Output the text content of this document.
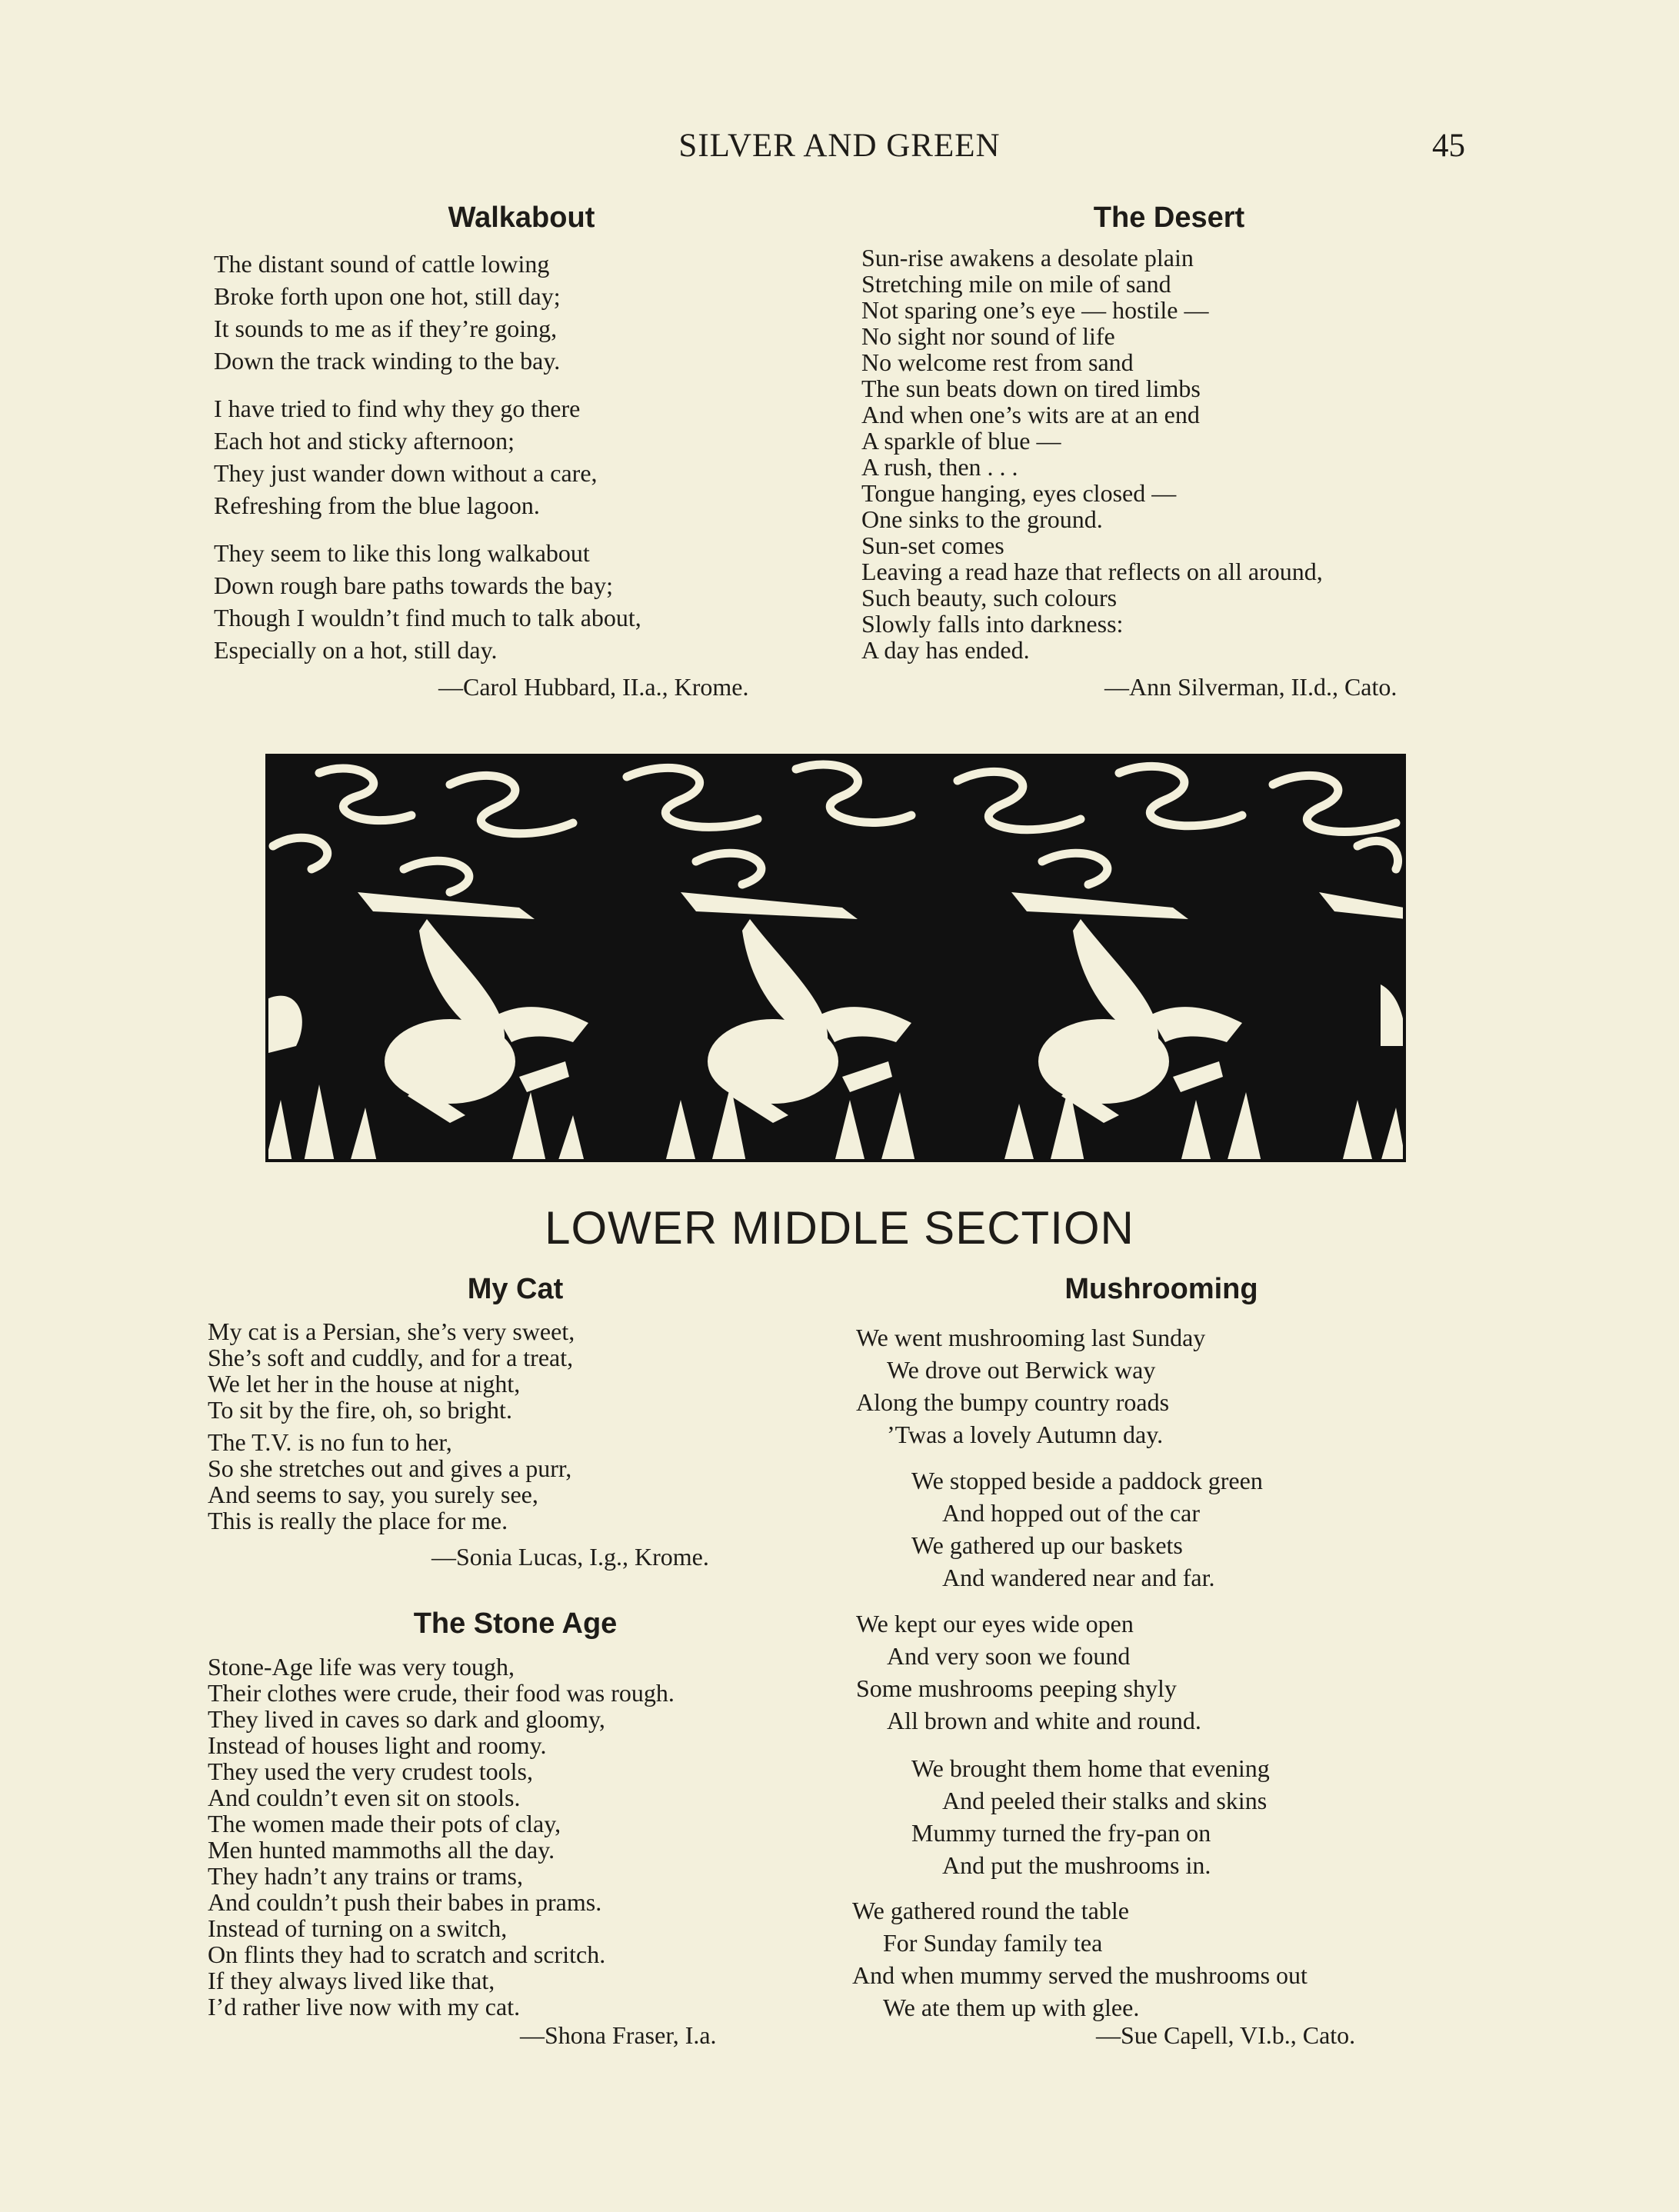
SILVER AND GREEN	45
Walkabout
The distant sound of cattle lowing
Broke forth upon one hot, still day;
It sounds to me as if they’re going,
Down the track winding to the bay.
I have tried to find why they go there
Each hot and sticky afternoon;
They just wander down without a care,
Refreshing from the blue lagoon.
They seem to like this long walkabout
Down rough bare paths towards the bay;
Though I wouldn’t find much to talk about,
Especially on a hot, still day.
—Carol Hubbard, II.a., Krome.
The Desert
Sun-rise awakens a desolate plain
Stretching mile on mile of sand
Not sparing one’s eye — hostile —
No sight nor sound of life
No welcome rest from sand
The sun beats down on tired limbs
And when one’s wits are at an end
A sparkle of blue —
A rush, then . . .
Tongue hanging, eyes closed —
One sinks to the ground.
Sun-set comes
Leaving a read haze that reflects on all around,
Such beauty, such colours
Slowly falls into darkness:
A day has ended.
—Ann Silverman, II.d., Cato.
LOWER MIDDLE SECTION
My Cat
My cat is a Persian, she’s very sweet,
She’s soft and cuddly, and for a treat,
We let her in the house at night,
To sit by the fire, oh, so bright.
The T.V. is no fun to her,
So she stretches out and gives a purr,
And seems to say, you surely see,
This is really the place for me.
—Sonia Lucas, I.g., Krome.
The Stone Age
Stone-Age life was very tough,
Their clothes were crude, their food was rough.
They lived in caves so dark and gloomy,
Instead of houses light and roomy.
They used the very crudest tools,
And couldn’t even sit on stools.
The women made their pots of clay,
Men hunted mammoths all the day.
They hadn’t any trains or trams,
And couldn’t push their babes in prams.
Instead of turning on a switch,
On flints they had to scratch and scritch.
If they always lived like that,
I’d rather live now with my cat.
—Shona Fraser, I.a.
Mushrooming
We went mushrooming last Sunday
We drove out Berwick way
Along the bumpy country roads
’Twas a lovely Autumn day.
We stopped beside a paddock green
And hopped out of the car
We gathered up our baskets
And wandered near and far.
We kept our eyes wide open
And very soon we found
Some mushrooms peeping shyly
All brown and white and round.
We brought them home that evening
And peeled their stalks and skins
Mummy turned the fry-pan on
And put the mushrooms in.
We gathered round the table
For Sunday family tea
And when mummy served the mushrooms out
We ate them up with glee.
—Sue Capell, VI.b., Cato.
